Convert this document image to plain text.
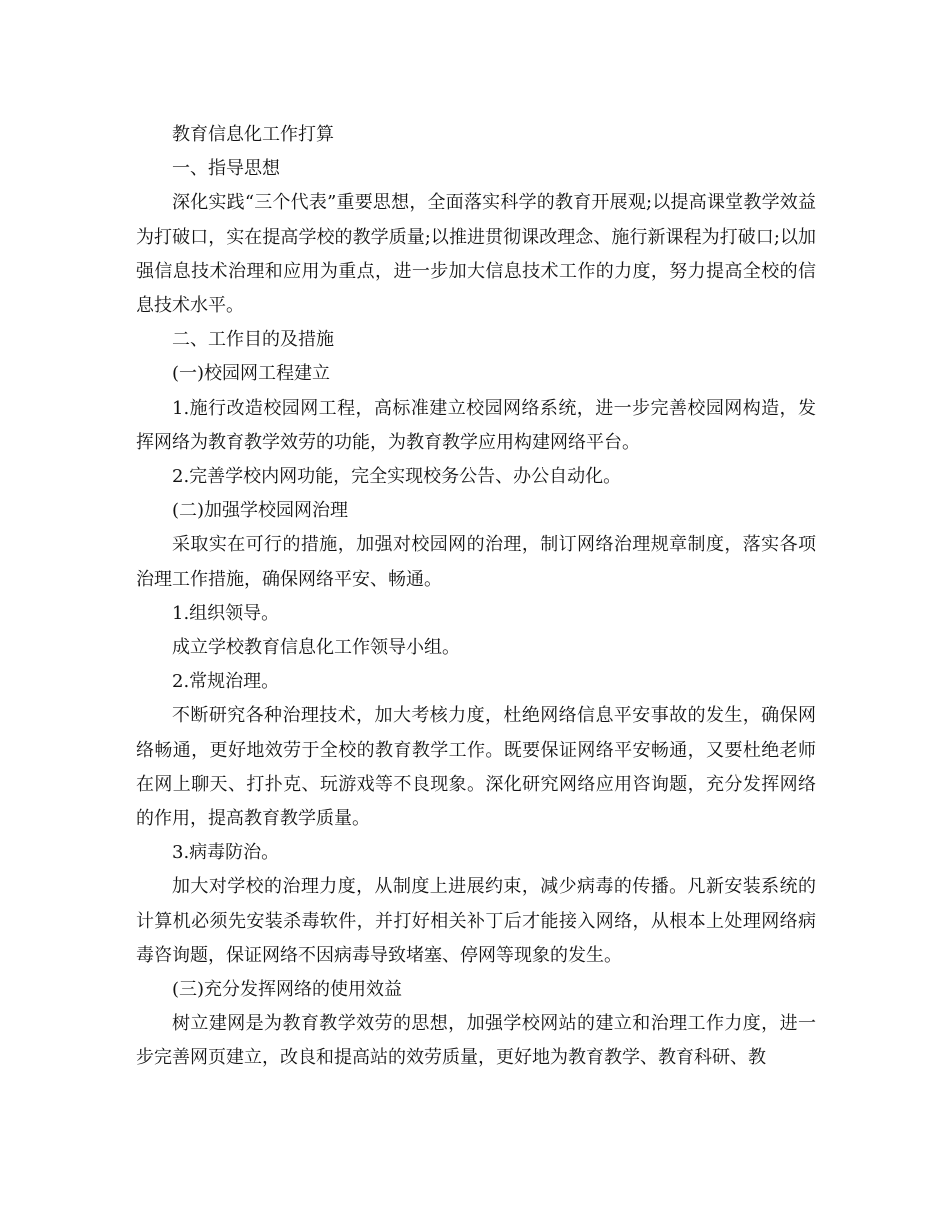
教育信息化工作打算

一、指导思想

深化实践“三个代表”重要思想，全面落实科学的教育开展观;以提高课堂教学效益为打破口，实在提高学校的教学质量;以推进贯彻课改理念、施行新课程为打破口;以加强信息技术治理和应用为重点，进一步加大信息技术工作的力度，努力提高全校的信息技术水平。

二、工作目的及措施

(一)校园网工程建立

1.施行改造校园网工程，高标准建立校园网络系统，进一步完善校园网构造，发挥网络为教育教学效劳的功能，为教育教学应用构建网络平台。

2.完善学校内网功能，完全实现校务公告、办公自动化。

(二)加强学校园网治理

采取实在可行的措施，加强对校园网的治理，制订网络治理规章制度，落实各项治理工作措施，确保网络平安、畅通。

1.组织领导。

成立学校教育信息化工作领导小组。

2.常规治理。

不断研究各种治理技术，加大考核力度，杜绝网络信息平安事故的发生，确保网络畅通，更好地效劳于全校的教育教学工作。既要保证网络平安畅通，又要杜绝老师在网上聊天、打扑克、玩游戏等不良现象。深化研究网络应用咨询题，充分发挥网络的作用，提高教育教学质量。

3.病毒防治。

加大对学校的治理力度，从制度上进展约束，减少病毒的传播。凡新安装系统的计算机必须先安装杀毒软件，并打好相关补丁后才能接入网络，从根本上处理网络病毒咨询题，保证网络不因病毒导致堵塞、停网等现象的发生。

(三)充分发挥网络的使用效益

树立建网是为教育教学效劳的思想，加强学校网站的建立和治理工作力度，进一步完善网页建立，改良和提高站的效劳质量，更好地为教育教学、教育科研、教
